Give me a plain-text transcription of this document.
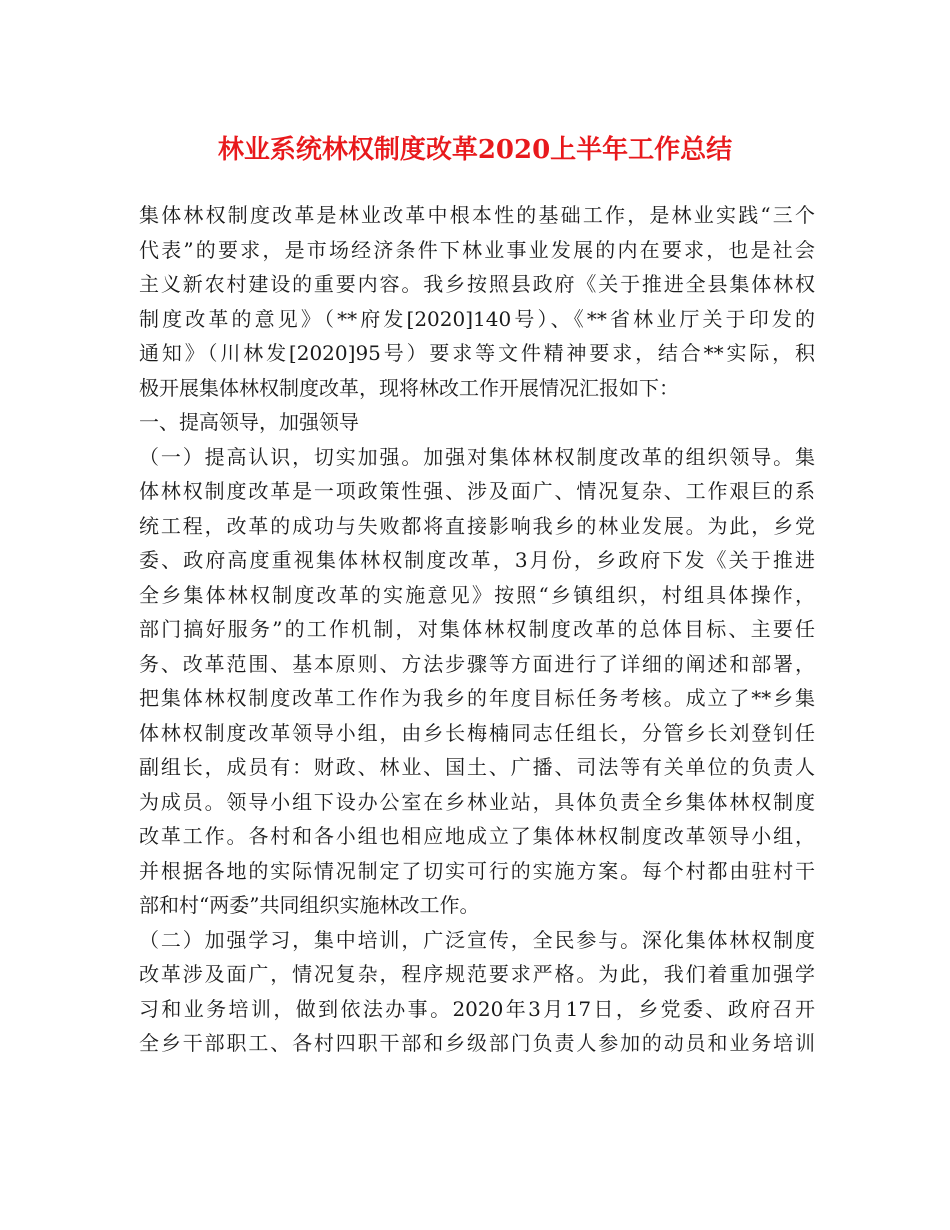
林业系统林权制度改革2020上半年工作总结
集体林权制度改革是林业改革中根本性的基础工作，是林业实践“三个
代表”的要求，是市场经济条件下林业事业发展的内在要求，也是社会
主义新农村建设的重要内容。我乡按照县政府《关于推进全县集体林权
制度改革的意见》（**府发[2020]140号）、《**省林业厅关于印发的
通知》（川林发[2020]95号）要求等文件精神要求，结合**实际，积
极开展集体林权制度改革，现将林改工作开展情况汇报如下：
一、提高领导，加强领导
（一）提高认识，切实加强。加强对集体林权制度改革的组织领导。集
体林权制度改革是一项政策性强、涉及面广、情况复杂、工作艰巨的系
统工程，改革的成功与失败都将直接影响我乡的林业发展。为此，乡党
委、政府高度重视集体林权制度改革，3月份，乡政府下发《关于推进
全乡集体林权制度改革的实施意见》按照“乡镇组织，村组具体操作，
部门搞好服务”的工作机制，对集体林权制度改革的总体目标、主要任
务、改革范围、基本原则、方法步骤等方面进行了详细的阐述和部署，
把集体林权制度改革工作作为我乡的年度目标任务考核。成立了**乡集
体林权制度改革领导小组，由乡长梅楠同志任组长，分管乡长刘登钊任
副组长，成员有：财政、林业、国土、广播、司法等有关单位的负责人
为成员。领导小组下设办公室在乡林业站，具体负责全乡集体林权制度
改革工作。各村和各小组也相应地成立了集体林权制度改革领导小组，
并根据各地的实际情况制定了切实可行的实施方案。每个村都由驻村干
部和村“两委”共同组织实施林改工作。
（二）加强学习，集中培训，广泛宣传，全民参与。深化集体林权制度
改革涉及面广，情况复杂，程序规范要求严格。为此，我们着重加强学
习和业务培训，做到依法办事。2020年3月17日，乡党委、政府召开
全乡干部职工、各村四职干部和乡级部门负责人参加的动员和业务培训
